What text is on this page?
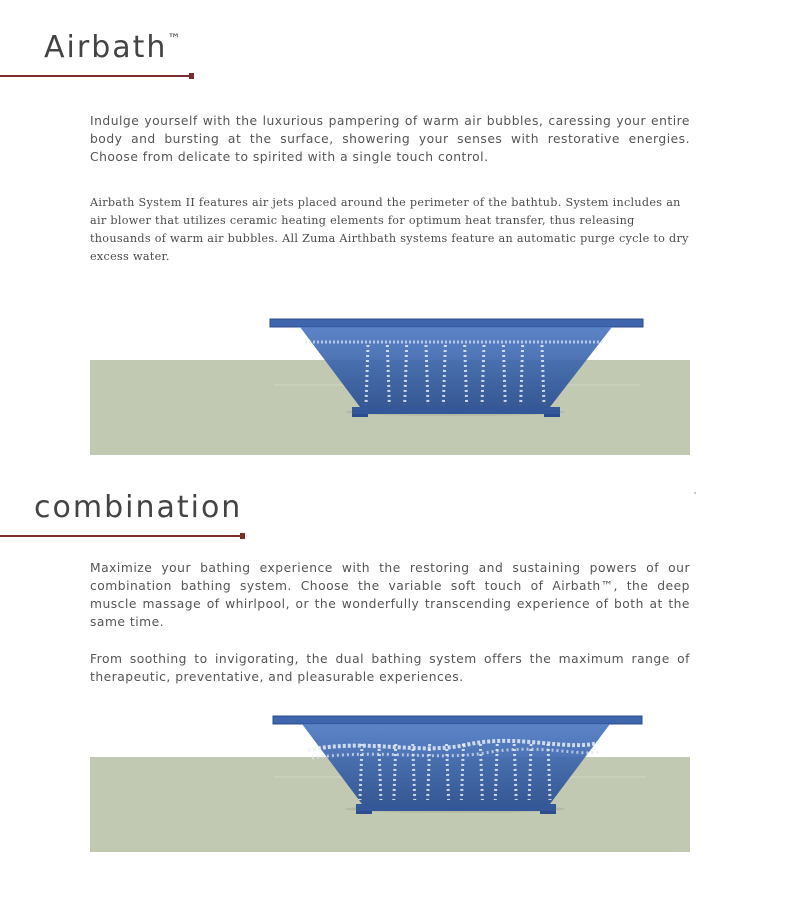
Airbath™

Indulge yourself with the luxurious pampering of warm air bubbles, caressing your entire body and bursting at the surface, showering your senses with restorative energies. Choose from delicate to spirited with a single touch control.

Airbath System II features air jets placed around the perimeter of the bathtub. System includes an air blower that utilizes ceramic heating elements for optimum heat transfer, thus releasing thousands of warm air bubbles. All Zuma Airthbath systems feature an automatic purge cycle to dry excess water.

combination

Maximize your bathing experience with the restoring and sustaining powers of our combination bathing system. Choose the variable soft touch of Airbath™, the deep muscle massage of whirlpool, or the wonderfully transcending experience of both at the same time.

From soothing to invigorating, the dual bathing system offers the maximum range of therapeutic, preventative, and pleasurable experiences.
